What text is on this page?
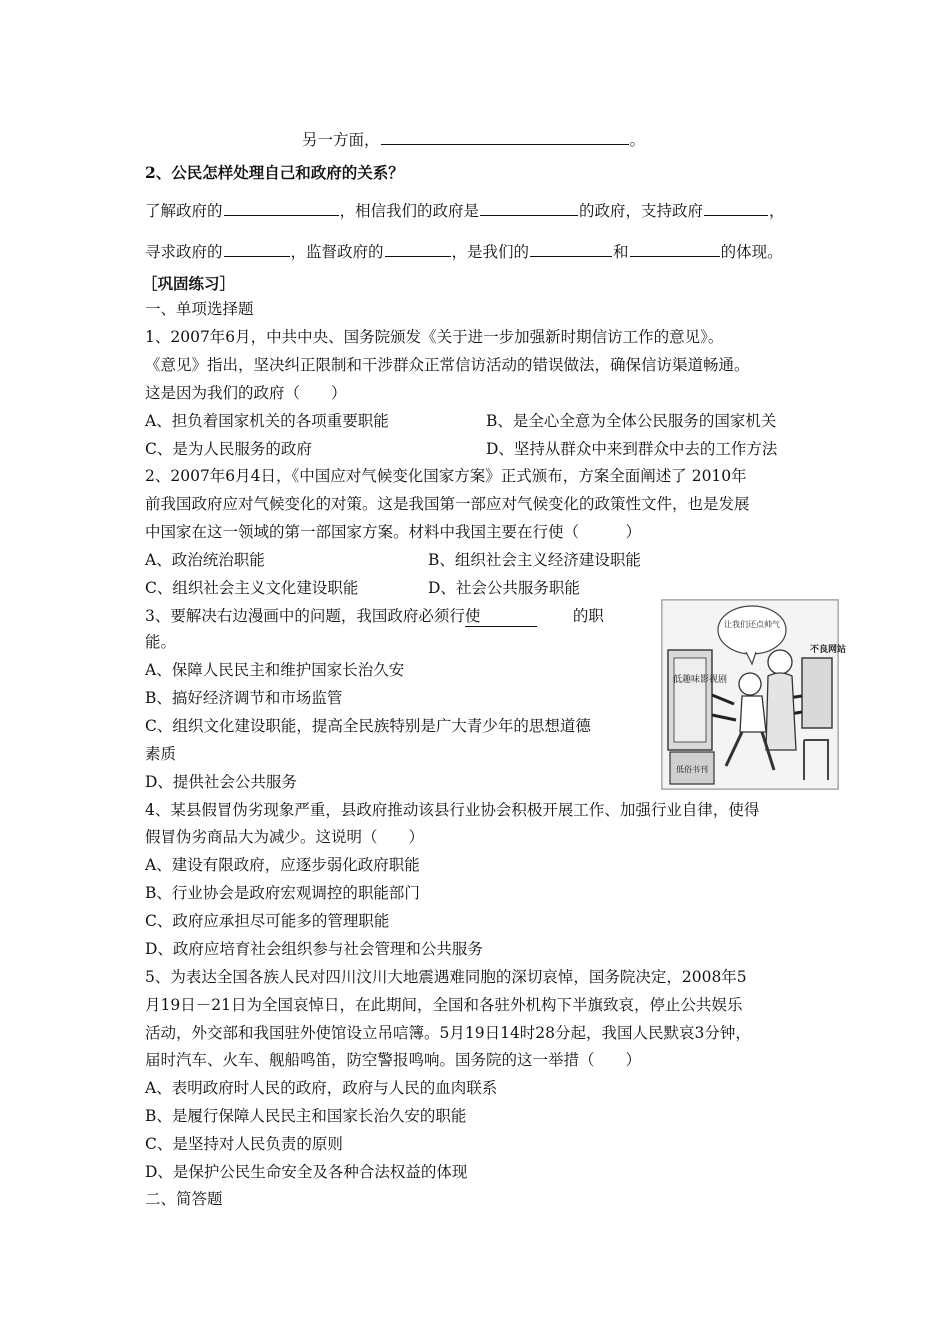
另一方面，	。
2、公民怎样处理自己和政府的关系？
了解政府的	，相信我们的政府是	的政府，支持政府	，
寻求政府的	，监督政府的	，是我们的	和	的体现。
［巩固练习］
一、单项选择题
1、2007年6月，中共中央、国务院颁发《关于进一步加强新时期信访工作的意见》。
《意见》指出，坚决纠正限制和干涉群众正常信访活动的错误做法，确保信访渠道畅通。
这是因为我们的政府（　　）
A、担负着国家机关的各项重要职能	B、是全心全意为全体公民服务的国家机关
C、是为人民服务的政府	D、坚持从群众中来到群众中去的工作方法
2、2007年6月4日，《中国应对气候变化国家方案》正式颁布，方案全面阐述了 2010年
前我国政府应对气候变化的对策。这是我国第一部应对气候变化的政策性文件，也是发展
中国家在这一领域的第一部国家方案。材料中我国主要在行使（　　　）
A、政治统治职能	B、组织社会主义经济建设职能
C、组织社会主义文化建设职能	D、社会公共服务职能
3、要解决右边漫画中的问题，我国政府必须行使	的职
能。
A、保障人民民主和维护国家长治久安
B、搞好经济调节和市场监管
C、组织文化建设职能，提高全民族特别是广大青少年的思想道德
素质
D、提供社会公共服务
让我们还点帅气
低趣味影视剧
不良网站
低俗书刊
4、某县假冒伪劣现象严重，县政府推动该县行业协会积极开展工作、加强行业自律，使得
假冒伪劣商品大为减少。这说明（　　）
A、建设有限政府，应逐步弱化政府职能
B、行业协会是政府宏观调控的职能部门
C、政府应承担尽可能多的管理职能
D、政府应培育社会组织参与社会管理和公共服务
5、为表达全国各族人民对四川汶川大地震遇难同胞的深切哀悼，国务院决定，2008年5
月19日－21日为全国哀悼日，在此期间，全国和各驻外机构下半旗致哀，停止公共娱乐
活动，外交部和我国驻外使馆设立吊唁簿。5月19日14时28分起，我国人民默哀3分钟，
届时汽车、火车、舰船鸣笛，防空警报鸣响。国务院的这一举措（　　）
A、表明政府时人民的政府，政府与人民的血肉联系
B、是履行保障人民民主和国家长治久安的职能
C、是坚持对人民负责的原则
D、是保护公民生命安全及各种合法权益的体现
二、简答题
